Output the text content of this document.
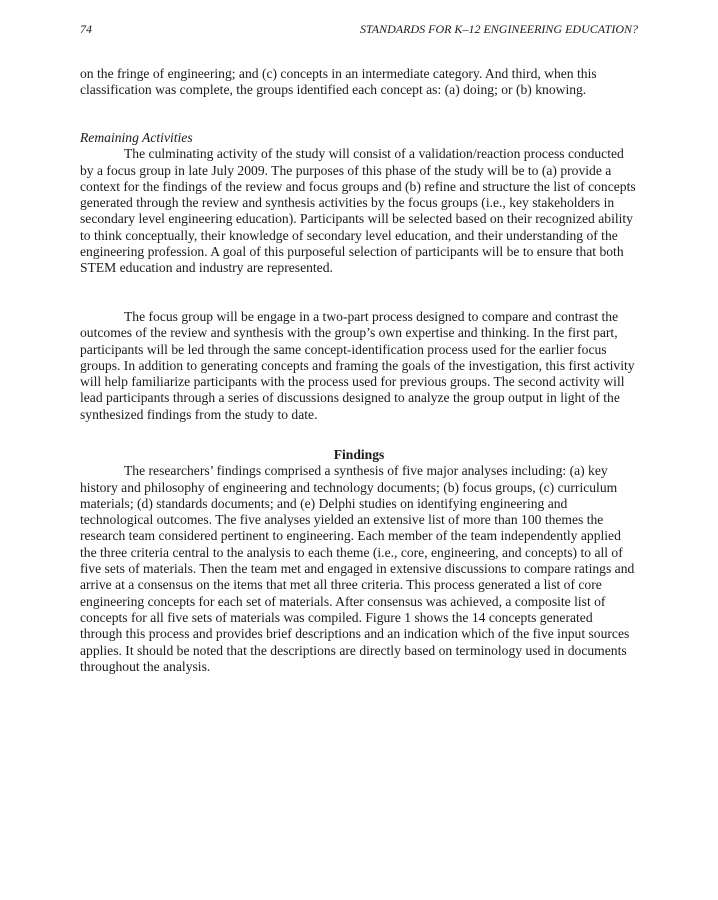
74	STANDARDS FOR K–12 ENGINEERING EDUCATION?

on the fringe of engineering; and (c) concepts in an intermediate category. And third, when this classification was complete, the groups identified each concept as: (a) doing; or (b) knowing.

Remaining Activities

The culminating activity of the study will consist of a validation/reaction process conducted by a focus group in late July 2009. The purposes of this phase of the study will be to (a) provide a context for the findings of the review and focus groups and (b) refine and structure the list of concepts generated through the review and synthesis activities by the focus groups (i.e., key stakeholders in secondary level engineering education). Participants will be selected based on their recognized ability to think conceptually, their knowledge of secondary level education, and their understanding of the engineering profession. A goal of this purposeful selection of participants will be to ensure that both STEM education and industry are represented.

The focus group will be engage in a two-part process designed to compare and contrast the outcomes of the review and synthesis with the group’s own expertise and thinking. In the first part, participants will be led through the same concept-identification process used for the earlier focus groups. In addition to generating concepts and framing the goals of the investigation, this first activity will help familiarize participants with the process used for previous groups. The second activity will lead participants through a series of discussions designed to analyze the group output in light of the synthesized findings from the study to date.

Findings

The researchers’ findings comprised a synthesis of five major analyses including: (a) key history and philosophy of engineering and technology documents; (b) focus groups, (c) curriculum materials; (d) standards documents; and (e) Delphi studies on identifying engineering and technological outcomes. The five analyses yielded an extensive list of more than 100 themes the research team considered pertinent to engineering. Each member of the team independently applied the three criteria central to the analysis to each theme (i.e., core, engineering, and concepts) to all of five sets of materials. Then the team met and engaged in extensive discussions to compare ratings and arrive at a consensus on the items that met all three criteria. This process generated a list of core engineering concepts for each set of materials. After consensus was achieved, a composite list of concepts for all five sets of materials was compiled. Figure 1 shows the 14 concepts generated through this process and provides brief descriptions and an indication which of the five input sources applies. It should be noted that the descriptions are directly based on terminology used in documents throughout the analysis.
